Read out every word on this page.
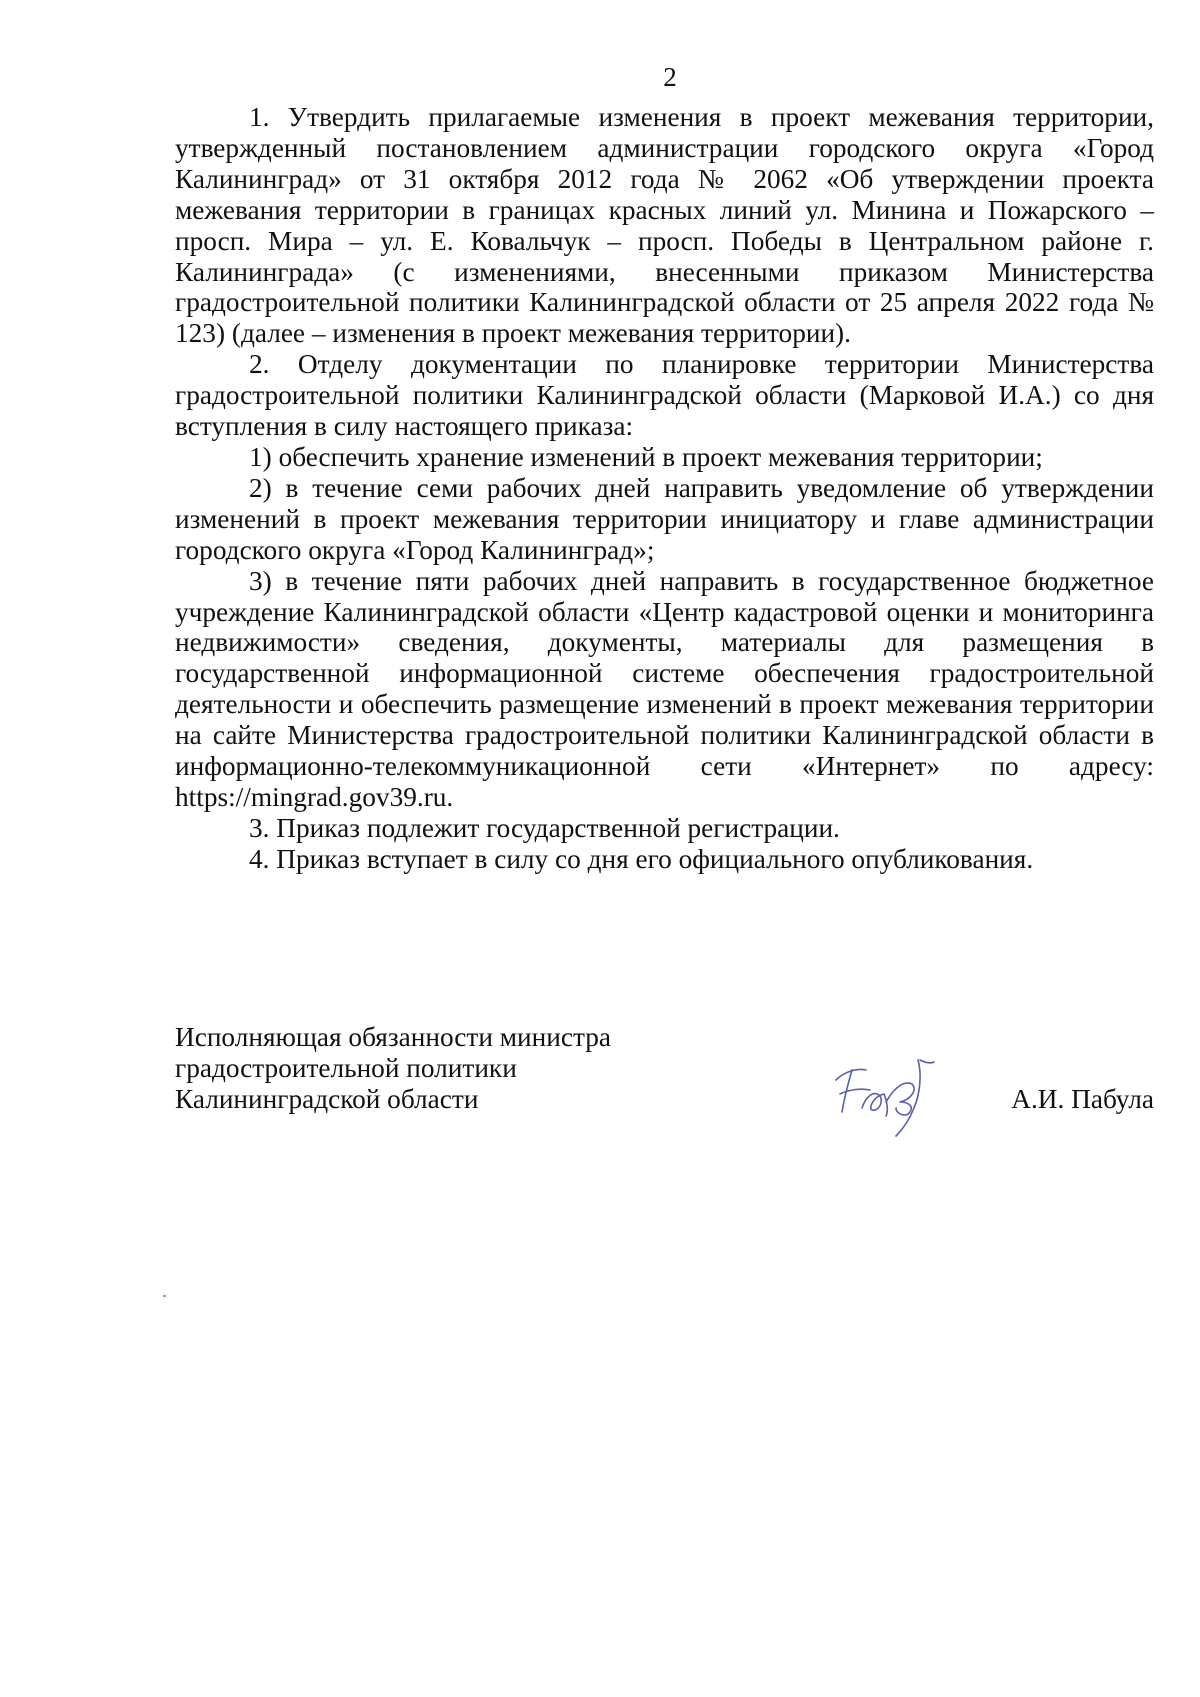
2

1. Утвердить прилагаемые изменения в проект межевания территории, утвержденный постановлением администрации городского округа «Город Калининград» от 31 октября 2012 года № 2062 «Об утверждении проекта межевания территории в границах красных линий ул. Минина и Пожарского – просп. Мира – ул. Е. Ковальчук – просп. Победы в Центральном районе г. Калининграда» (с изменениями, внесенными приказом Министерства градостроительной политики Калининградской области от 25 апреля 2022 года № 123) (далее – изменения в проект межевания территории).

2. Отделу документации по планировке территории Министерства градостроительной политики Калининградской области (Марковой И.А.) со дня вступления в силу настоящего приказа:

1) обеспечить хранение изменений в проект межевания территории;

2) в течение семи рабочих дней направить уведомление об утверждении изменений в проект межевания территории инициатору и главе администрации городского округа «Город Калининград»;

3) в течение пяти рабочих дней направить в государственное бюджетное учреждение Калининградской области «Центр кадастровой оценки и мониторинга недвижимости» сведения, документы, материалы для размещения в государственной информационной системе обеспечения градостроительной деятельности и обеспечить размещение изменений в проект межевания территории на сайте Министерства градостроительной политики Калининградской области в информационно-телекоммуникационной сети «Интернет» по адресу: https://mingrad.gov39.ru.

3. Приказ подлежит государственной регистрации.

4. Приказ вступает в силу со дня его официального опубликования.

Исполняющая обязанности министра
градостроительной политики
Калининградской области	А.И. Пабула
